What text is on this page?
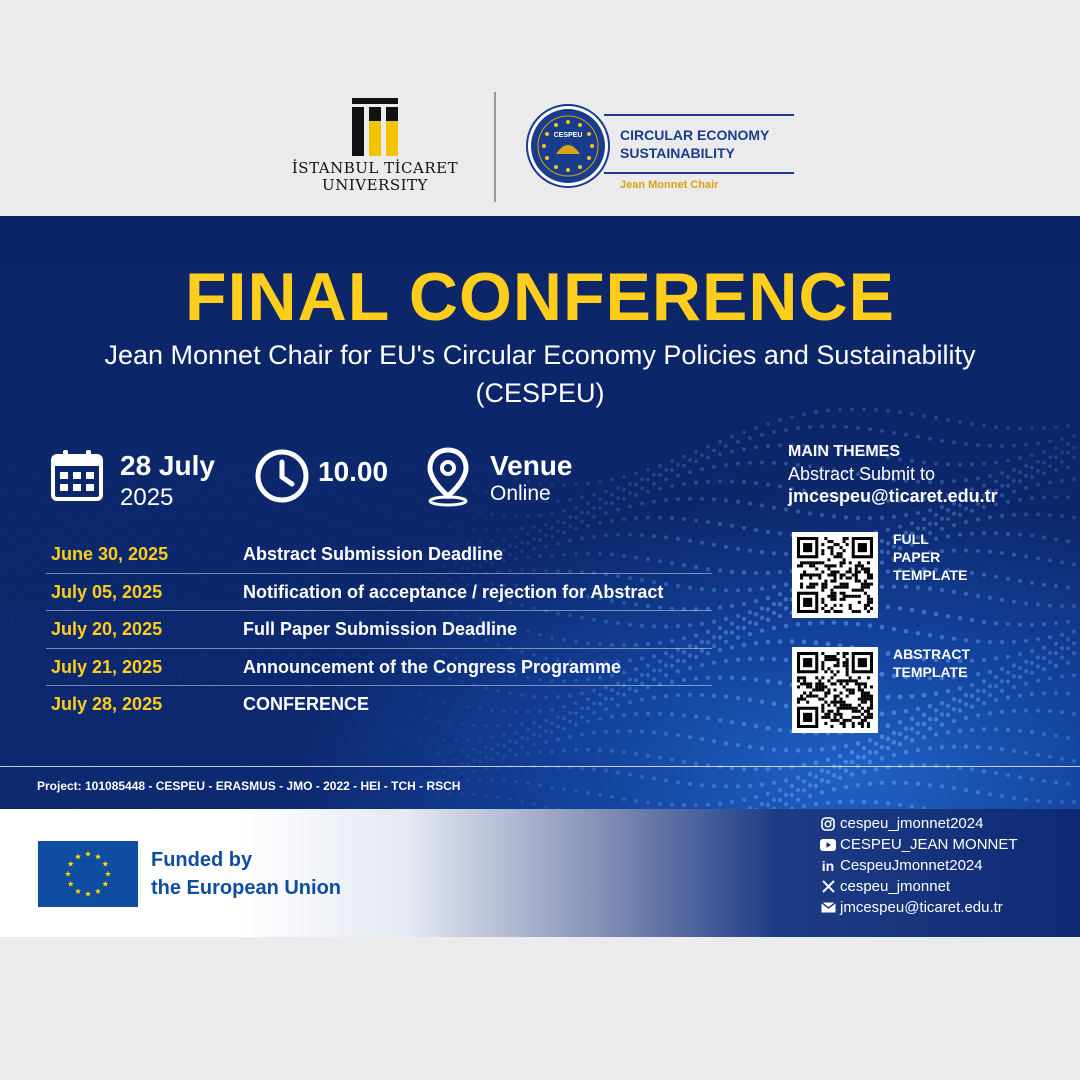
İSTANBUL TİCARET
UNIVERSITY
CESPEU	CIRCULAR ECONOMY
SUSTAINABILITY
Jean Monnet Chair
FINAL CONFERENCE
Jean Monnet Chair for EU's Circular Economy Policies and Sustainability (CESPEU)
28 July
2025
10.00	Venue
Online
June 30, 2025	Abstract Submission Deadline
July 05, 2025	Notification of acceptance / rejection for Abstract
July 20, 2025	Full Paper Submission Deadline
July 21, 2025	Announcement of the Congress Programme
July 28, 2025	CONFERENCE
MAIN THEMES
Abstract Submit to
jmcespeu@ticaret.edu.tr
FULL
PAPER
TEMPLATE
ABSTRACT
TEMPLATE
Project: 101085448 - CESPEU - ERASMUS - JMO - 2022 - HEI - TCH - RSCH
Funded by
the European Union
cespeu_jmonnet2024
CESPEU_JEAN MONNET
in CespeuJmonnet2024
cespeu_jmonnet
jmcespeu@ticaret.edu.tr
